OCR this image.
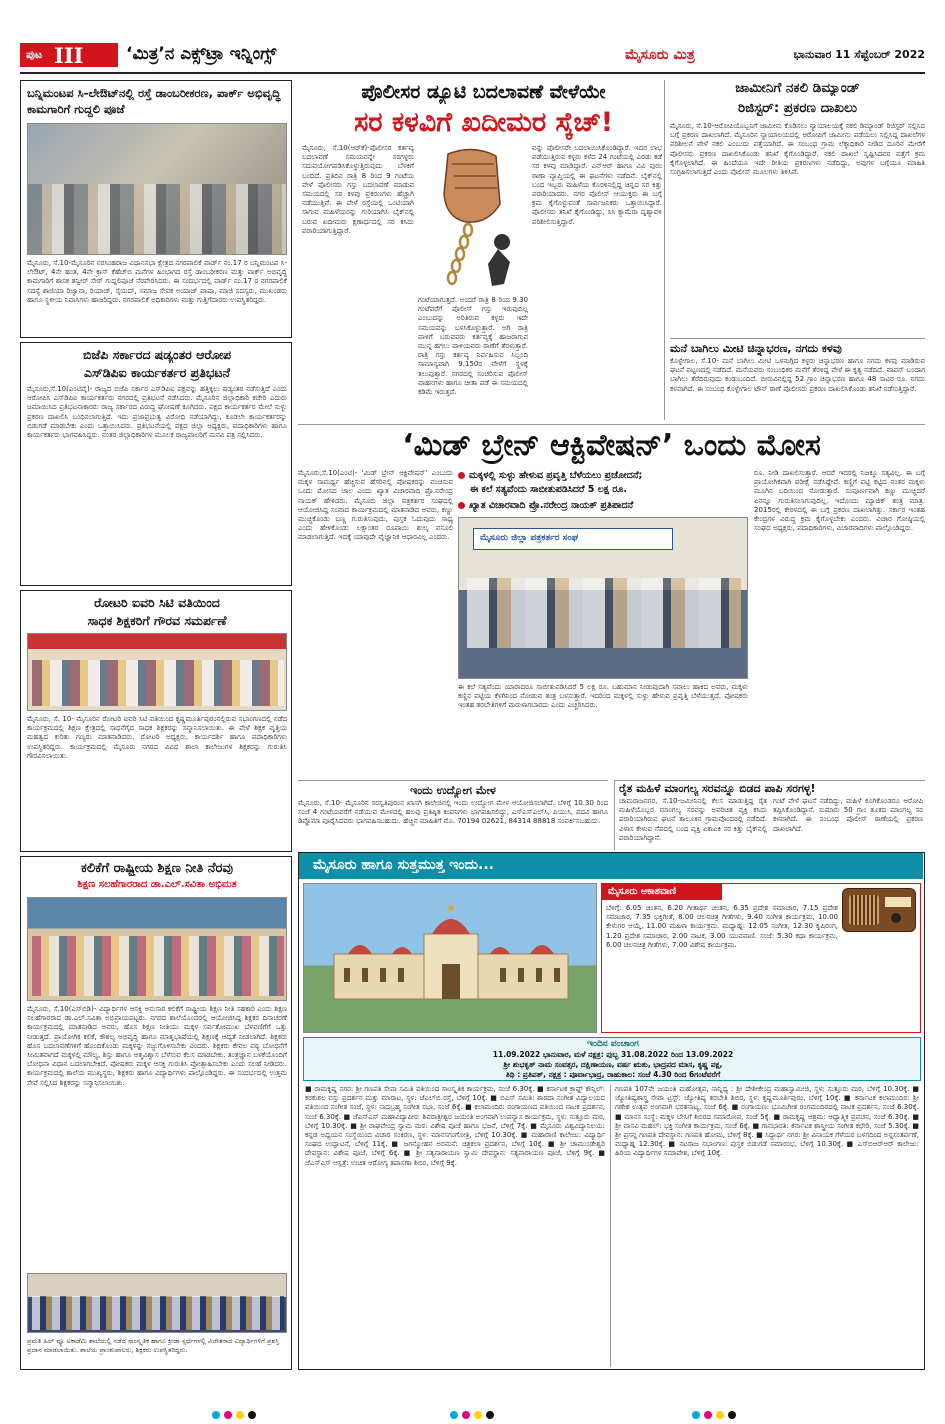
ಪುಟ III	‘ಮಿತ್ರ’ನ ಎಕ್ಸ್‌ಟ್ರಾ ಇನ್ನಿಂಗ್ಸ್	ಮೈಸೂರು ಮಿತ್ರ	ಭಾನುವಾರ 11 ಸೆಪ್ಟೆಂಬರ್ 2022
ಬನ್ನಿಮಂಟಪ ಸಿ-ಲೇಔಟ್‌ನಲ್ಲಿ ರಸ್ತೆ ಡಾಂಬರೀಕರಣ, ಪಾರ್ಕ್ ಅಭಿವೃದ್ಧಿ ಕಾಮಗಾರಿಗೆ ಗುದ್ದಲಿ ಪೂಜೆ
ಮೈಸೂರು, ಸೆ.10-ಮೈಸೂರಿನ ನರಸಿಂಹರಾಜ ವಿಧಾನಸಭಾ ಕ್ಷೇತ್ರದ ನಗರಪಾಲಿಕೆ ವಾರ್ಡ್ ನಂ.17 ರ ಬನ್ನಿಮಂಟಪ ಸಿ-ಲೇಔಟ್, 4ನೇ ಹಂತ, 4ನೇ ಕ್ರಾಸ್ ಕೆಹೆಚ್‌ಬಿ ಮನೆಗಳ ಹಿಂಭಾಗದ ರಸ್ತೆ ಡಾಂಬರೀಕರಣ ಮತ್ತು ಪಾರ್ಕ್ ಅಭಿವೃದ್ಧಿ ಕಾಮಗಾರಿಗೆ ಶಾಸಕ ತನ್ವೀರ್ ಸೇಠ್ ಗುದ್ದಲಿಪೂಜೆ ನೆರವೇರಿಸಿದರು. ಈ ಸಂದರ್ಭದಲ್ಲಿ ವಾರ್ಡ್ ನಂ.17 ರ ನಗರಪಾಲಿಕೆ ಸದಸ್ಯೆ ಶಾಜಿಯಾ ರಿಜ್ವಾನಾ, ರಿಯಾಜ್, ಸೈಯದ್, ಸಮಾಜ ಸೇವಕ ಅಯಾಜ್ ಪಾಷಾ, ಮಾಜಿ ಸದಸ್ಯರು, ಮುಖಂಡರು ಹಾಗೂ ಸ್ಥಳೀಯ ನಿವಾಸಿಗಳು ಹಾಜರಿದ್ದರು. ನಗರಪಾಲಿಕೆ ಅಧಿಕಾರಿಗಳು ಮತ್ತು ಗುತ್ತಿಗೆದಾರರು ಉಪಸ್ಥಿತರಿದ್ದರು.
ಬಿಜೆಪಿ ಸರ್ಕಾರದ ಷಡ್ಯಂತರ ಆರೋಪ
ಎಸ್‌ಡಿಪಿಐ ಕಾರ್ಯಕರ್ತರ ಪ್ರತಿಭಟನೆ
ಮೈಸೂರು,ಸೆ.10(ಎಂಟಿವೈ)- ರಾಜ್ಯದ ಬಿಜೆಪಿ ಸರ್ಕಾರ ಎಸ್‌ಡಿಪಿಐ ಪಕ್ಷವನ್ನು ಹತ್ತಿಕ್ಕಲು ಷಡ್ಯಂತರ ನಡೆಸುತ್ತಿದೆ ಎಂದು ಆರೋಪಿಸಿ ಎಸ್‌ಡಿಪಿಐ ಕಾರ್ಯಕರ್ತರು ನಗರದಲ್ಲಿ ಪ್ರತಿಭಟನೆ ನಡೆಸಿದರು. ಮೈಸೂರಿನ ಜಿಲ್ಲಾಧಿಕಾರಿ ಕಚೇರಿ ಎದುರು ಜಮಾಯಿಸಿದ ಪ್ರತಿಭಟನಾಕಾರರು ರಾಜ್ಯ ಸರ್ಕಾರದ ವಿರುದ್ಧ ಘೋಷಣೆ ಕೂಗಿದರು. ಪಕ್ಷದ ಕಾರ್ಯಕರ್ತರ ಮೇಲೆ ಸುಳ್ಳು ಪ್ರಕರಣ ದಾಖಲಿಸಿ ಬಂಧಿಸಲಾಗುತ್ತಿದೆ. ಇದು ಪ್ರಜಾಪ್ರಭುತ್ವ ವಿರೋಧಿ ನಡೆಯಾಗಿದ್ದು, ಕೂಡಲೇ ಕಾರ್ಯಕರ್ತರನ್ನು ಬಿಡುಗಡೆ ಮಾಡಬೇಕು ಎಂದು ಒತ್ತಾಯಿಸಿದರು. ಪ್ರತಿಭಟನೆಯಲ್ಲಿ ಪಕ್ಷದ ಜಿಲ್ಲಾ ಅಧ್ಯಕ್ಷರು, ಪದಾಧಿಕಾರಿಗಳು ಹಾಗೂ ಕಾರ್ಯಕರ್ತರು ಭಾಗವಹಿಸಿದ್ದರು. ನಂತರ ಜಿಲ್ಲಾಧಿಕಾರಿಗಳ ಮೂಲಕ ರಾಜ್ಯಪಾಲರಿಗೆ ಮನವಿ ಪತ್ರ ಸಲ್ಲಿಸಿದರು.
ರೋಟರಿ ಐವರಿ ಸಿಟಿ ವತಿಯಿಂದ
ಸಾಧಕ ಶಿಕ್ಷಕರಿಗೆ ಗೌರವ ಸಮರ್ಪಣೆ
ಮೈಸೂರು, ಸೆ. 10- ಮೈಸೂರಿನ ರೋಟರಿ ಐವರಿ ಸಿಟಿ ವತಿಯಿಂದ ಕೃಷ್ಣಮೂರ್ತಿಪುರಂನಲ್ಲಿರುವ ಸಭಾಂಗಣದಲ್ಲಿ ನಡೆದ ಕಾರ್ಯಕ್ರಮದಲ್ಲಿ ಶಿಕ್ಷಣ ಕ್ಷೇತ್ರದಲ್ಲಿ ಸಾಧನೆಗೈದ ಸಾಧಕ ಶಿಕ್ಷಕರನ್ನು ಸನ್ಮಾನಿಸಲಾಯಿತು. ಈ ವೇಳೆ ಶಿಕ್ಷಕ ವೃತ್ತಿಯ ಮಹತ್ವದ ಕುರಿತು ಗಣ್ಯರು ಮಾತನಾಡಿದರು. ರೋಟರಿ ಅಧ್ಯಕ್ಷರು, ಕಾರ್ಯದರ್ಶಿ ಹಾಗೂ ಪದಾಧಿಕಾರಿಗಳು ಉಪಸ್ಥಿತರಿದ್ದರು. ಕಾರ್ಯಕ್ರಮದಲ್ಲಿ ಮೈಸೂರು ನಗರದ ವಿವಿಧ ಶಾಲಾ ಕಾಲೇಜುಗಳ ಶಿಕ್ಷಕರನ್ನು ಗುರುತಿಸಿ ಗೌರವಿಸಲಾಯಿತು.
ಕಲಿಕೆಗೆ ರಾಷ್ಟ್ರೀಯ ಶಿಕ್ಷಣ ನೀತಿ ನೆರವು
ಶಿಕ್ಷಣ ಸಲಹೆಗಾರರಾದ ಡಾ.ಎಲ್.ಸವಿತಾ ಅಭಿಮತ
ಮೈಸೂರು, ಸೆ.10(ಎಸ್‌ಬಿಡಿ)- ವಿದ್ಯಾರ್ಥಿಗಳ ಆಸಕ್ತಿ ಅನುಸಾರ ಕಲಿಕೆಗೆ ರಾಷ್ಟ್ರೀಯ ಶಿಕ್ಷಣ ನೀತಿ ಸಹಕಾರಿ ಎಂದು ಶಿಕ್ಷಣ ಸಲಹೆಗಾರರಾದ ಡಾ.ಎಲ್.ಸವಿತಾ ಅಭಿಪ್ರಾಯಪಟ್ಟರು. ನಗರದ ಶಾಲೆಯೊಂದರಲ್ಲಿ ಆಯೋಜಿಸಿದ್ದ ಶಿಕ್ಷಕರ ದಿನಾಚರಣೆ ಕಾರ್ಯಕ್ರಮದಲ್ಲಿ ಮಾತನಾಡಿದ ಅವರು, ಹೊಸ ಶಿಕ್ಷಣ ನೀತಿಯು ಮಕ್ಕಳ ಸರ್ವತೋಮುಖ ಬೆಳವಣಿಗೆಗೆ ಒತ್ತು ನೀಡುತ್ತದೆ. ಪ್ರಾಯೋಗಿಕ ಕಲಿಕೆ, ಕೌಶಲ್ಯ ಅಭಿವೃದ್ಧಿ ಹಾಗೂ ಮಾತೃಭಾಷೆಯಲ್ಲಿ ಶಿಕ್ಷಣಕ್ಕೆ ಆದ್ಯತೆ ನೀಡಲಾಗಿದೆ. ಶಿಕ್ಷಕರು ಹೊಸ ಬದಲಾವಣೆಗಳಿಗೆ ಹೊಂದಿಕೊಂಡು ಮಕ್ಕಳನ್ನು ಸಜ್ಜುಗೊಳಿಸಬೇಕು ಎಂದರು. ಶಿಕ್ಷಕರು ಕೇವಲ ಪಠ್ಯ ಬೋಧನೆಗೆ ಸೀಮಿತವಾಗದೆ ಮಕ್ಕಳಲ್ಲಿ ಮೌಲ್ಯ, ಶಿಸ್ತು ಹಾಗೂ ಆತ್ಮವಿಶ್ವಾಸ ಬೆಳೆಸುವ ಕೆಲಸ ಮಾಡಬೇಕು. ತಂತ್ರಜ್ಞಾನ ಬಳಕೆಯೊಂದಿಗೆ ಬೋಧನಾ ವಿಧಾನ ಬದಲಾಗಬೇಕಿದೆ. ಪೋಷಕರು ಮಕ್ಕಳ ಆಸಕ್ತಿ ಗುರುತಿಸಿ ಪ್ರೋತ್ಸಾಹಿಸಬೇಕು ಎಂದು ಸಲಹೆ ನೀಡಿದರು. ಕಾರ್ಯಕ್ರಮದಲ್ಲಿ ಶಾಲೆಯ ಮುಖ್ಯಸ್ಥರು, ಶಿಕ್ಷಕರು ಹಾಗೂ ವಿದ್ಯಾರ್ಥಿಗಳು ಪಾಲ್ಗೊಂಡಿದ್ದರು. ಈ ಸಂದರ್ಭದಲ್ಲಿ ಉತ್ತಮ ಸೇವೆ ಸಲ್ಲಿಸಿದ ಶಿಕ್ಷಕರನ್ನು ಸನ್ಮಾನಿಸಲಾಯಿತು.
ಪ್ರಮತಿ ಹಿಲ್ ವ್ಯೂ ಅಕಾಡೆಮಿ ಶಾಲೆಯಲ್ಲಿ ನಡೆದ ಸಾಂಸ್ಕೃತಿಕ ಹಾಗೂ ಕ್ರೀಡಾ ಸ್ಪರ್ಧೆಗಳಲ್ಲಿ ವಿಜೇತರಾದ ವಿದ್ಯಾರ್ಥಿಗಳಿಗೆ ಪ್ರಶಸ್ತಿ ಪ್ರದಾನ ಮಾಡಲಾಯಿತು. ಶಾಲೆಯ ಪ್ರಾಂಶುಪಾಲರು, ಶಿಕ್ಷಕರು ಉಪಸ್ಥಿತರಿದ್ದರು.
ಪೊಲೀಸರ ಡ್ಯೂಟಿ ಬದಲಾವಣೆ ವೇಳೆಯೇ
ಸರ ಕಳವಿಗೆ ಖದೀಮರ ಸ್ಕೆಚ್!
ಮೈಸೂರು, ಸೆ.10(ಆರ್‌ಕೆ)-ಪೊಲೀಸರ ಕರ್ತವ್ಯ ಬದಲಾವಣೆ ಸಮಯವನ್ನೇ ಸರಗಳ್ಳರು ಸದುಪಯೋಗಪಡಿಸಿಕೊಳ್ಳುತ್ತಿರುವುದು ಬೆಳಕಿಗೆ ಬಂದಿದೆ. ಪ್ರತಿದಿನ ರಾತ್ರಿ 8 ರಿಂದ 9 ಗಂಟೆಯ ವೇಳೆ ಪೊಲೀಸರು ಗಸ್ತು ಬದಲಾವಣೆ ಮಾಡುವ ಸಮಯದಲ್ಲಿ ಸರ ಕಳವು ಪ್ರಕರಣಗಳು ಹೆಚ್ಚಾಗಿ ನಡೆಯುತ್ತಿವೆ. ಈ ವೇಳೆ ರಸ್ತೆಯಲ್ಲಿ ಒಂಟಿಯಾಗಿ ಸಾಗುವ ಮಹಿಳೆಯರನ್ನು ಗುರಿಯಾಗಿಸಿ ಬೈಕ್‌ನಲ್ಲಿ ಬರುವ ಖದೀಮರು ಕ್ಷಣಾರ್ಧದಲ್ಲಿ ಸರ ಕಸಿದು ಪರಾರಿಯಾಗುತ್ತಿದ್ದಾರೆ.
ಗಂಟೆಯಾಗುತ್ತದೆ. ಅಂದರೆ ರಾತ್ರಿ 8 ರಿಂದ 9.30 ಗಂಟೆವರೆಗೆ ಪೊಲೀಸ್ ಗಸ್ತು ಇರುವುದಿಲ್ಲ ಎಂಬುದನ್ನು ಅರಿತಿರುವ ಕಳ್ಳರು ಇದೇ ಸಮಯವನ್ನು ಬಳಸಿಕೊಳ್ಳುತ್ತಾರೆ. ಅಗಿ ರಾತ್ರಿ ಪಾಳಿಗೆ ಬರುವವರು ಕರ್ತವ್ಯಕ್ಕೆ ಹಾಜರಾಗುವ ಮುನ್ನ ಹಗಲು ಪಾಳಿಯವರು ಠಾಣೆಗೆ ತೆರಳುತ್ತಾರೆ. ರಾತ್ರಿ ಗಸ್ತು ಕರ್ತವ್ಯ ನಿರ್ವಹಿಸುವ ಸಿಬ್ಬಂದಿ ಸಾಮಾನ್ಯವಾಗಿ 9.150ರ ವೇಳೆಗೆ ಸ್ಥಳಕ್ಕೆ ತಲುಪುತ್ತಾರೆ. ನಗರದಲ್ಲಿ ಸಂಚರಿಸುವ ಪೊಲೀಸ್ ವಾಹನಗಳು ಹಾಗೂ ಚೀತಾ ಪಡೆ ಈ ಸಮಯದಲ್ಲಿ ಕಡಿಮೆ ಇರುತ್ತದೆ.
ವನ್ನು ಪೊಲೀಸರೇ ಬದಲಾಯಿಸಿಕೊಂಡಿದ್ದಾರೆ. ಇದರ ಲಾಭ ಪಡೆಯುತ್ತಿರುವ ಕಳ್ಳರು ಕಳೆದ 24 ಗಂಟೆಯಲ್ಲಿ ಎರಡು ಕಡೆ ಸರ ಕಳವು ಮಾಡಿದ್ದಾರೆ. ಎನ್‌ಆರ್ ಹಾಗೂ ವಿವಿ ಪುರಂ ಠಾಣಾ ವ್ಯಾಪ್ತಿಯಲ್ಲಿ ಈ ಘಟನೆಗಳು ನಡೆದಿವೆ. ಬೈಕ್‌ನಲ್ಲಿ ಬಂದ ಇಬ್ಬರು ಮಹಿಳೆಯ ಕೊರಳಿನಲ್ಲಿದ್ದ ಚಿನ್ನದ ಸರ ಕಿತ್ತು ಪರಾರಿಯಾದರು. ನಗರ ಪೊಲೀಸ್ ಆಯುಕ್ತರು ಈ ಬಗ್ಗೆ ಕ್ರಮ ಕೈಗೊಳ್ಳುವಂತೆ ಸಾರ್ವಜನಿಕರು ಒತ್ತಾಯಿಸಿದ್ದಾರೆ. ಪೊಲೀಸರು ತನಿಖೆ ಕೈಗೊಂಡಿದ್ದು, ಸಿಸಿ ಕ್ಯಾಮೆರಾ ದೃಶ್ಯಾವಳಿ ಪರಿಶೀಲಿಸುತ್ತಿದ್ದಾರೆ.
ಜಾಮೀನಿಗೆ ನಕಲಿ ಡಿಮ್ಯಾಂಡ್
ರಿಜಿಸ್ಟರ್: ಪ್ರಕರಣ ದಾಖಲು
ಮೈಸೂರು, ಸೆ.10-ಆರೋಪಿಯೊಬ್ಬನಿಗೆ ಜಾಮೀನು ಕೊಡಿಸಲು ನ್ಯಾಯಾಲಯಕ್ಕೆ ನಕಲಿ ಡಿಮ್ಯಾಂಡ್ ರಿಜಿಸ್ಟರ್ ಸಲ್ಲಿಸಿದ ಬಗ್ಗೆ ಪ್ರಕರಣ ದಾಖಲಾಗಿದೆ. ಮೈಸೂರಿನ ನ್ಯಾಯಾಲಯದಲ್ಲಿ ಆರೋಪಿಗೆ ಜಾಮೀನು ಪಡೆಯಲು ಸಲ್ಲಿಸಿದ್ದ ದಾಖಲೆಗಳ ಪರಿಶೀಲನೆ ವೇಳೆ ನಕಲಿ ಎಂಬುದು ಪತ್ತೆಯಾಗಿದೆ. ಈ ಸಂಬಂಧ ಗ್ರಾಮ ಲೆಕ್ಕಾಧಿಕಾರಿ ನೀಡಿದ ದೂರಿನ ಮೇರೆಗೆ ಪೊಲೀಸರು ಪ್ರಕರಣ ದಾಖಲಿಸಿಕೊಂಡು ತನಿಖೆ ಕೈಗೊಂಡಿದ್ದಾರೆ. ನಕಲಿ ದಾಖಲೆ ಸೃಷ್ಟಿಸಿದವರ ಪತ್ತೆಗೆ ಕ್ರಮ ಕೈಗೊಳ್ಳಲಾಗಿದೆ. ಈ ಹಿಂದೆಯೂ ಇದೇ ರೀತಿಯ ಪ್ರಕರಣಗಳು ನಡೆದಿದ್ದು, ಅವುಗಳ ಬಗ್ಗೆಯೂ ಮಾಹಿತಿ ಸಂಗ್ರಹಿಸಲಾಗುತ್ತಿದೆ ಎಂದು ಪೊಲೀಸ್ ಮೂಲಗಳು ತಿಳಿಸಿವೆ.
ಮನೆ ಬಾಗಿಲು ಮೀಟಿ ಚಿನ್ನಾಭರಣ, ನಗದು ಕಳವು
ಕೊಳ್ಳೇಗಾಲ, ಸೆ.10- ಮನೆ ಬಾಗಿಲು ಮೀಟಿ ಒಳನುಗ್ಗಿದ ಕಳ್ಳರು ಚಿನ್ನಾಭರಣ ಹಾಗೂ ನಗದು ಕಳವು ಮಾಡಿರುವ ಘಟನೆ ಪಟ್ಟಣದಲ್ಲಿ ನಡೆದಿದೆ. ಮನೆಯವರು ಸಂಬಂಧಿಕರ ಮನೆಗೆ ತೆರಳಿದ್ದ ವೇಳೆ ಈ ಕೃತ್ಯ ನಡೆದಿದೆ. ವಾಪಸ್ ಬಂದಾಗ ಬಾಗಿಲು ತೆರೆದಿರುವುದು ಕಂಡುಬಂದಿದೆ. ಬೀರುವಿನಲ್ಲಿದ್ದ 52 ಗ್ರಾಂ ಚಿನ್ನಾಭರಣ ಹಾಗೂ 48 ಸಾವಿರ ರೂ. ನಗದು ಕಳವಾಗಿದೆ. ಈ ಸಂಬಂಧ ಕೊಳ್ಳೇಗಾಲ ಟೌನ್ ಠಾಣೆ ಪೊಲೀಸರು ಪ್ರಕರಣ ದಾಖಲಿಸಿಕೊಂಡು ತನಿಖೆ ನಡೆಸುತ್ತಿದ್ದಾರೆ.
‘ಮಿಡ್ ಬ್ರೇನ್ ಆಕ್ಟಿವೇಷನ್’ ಒಂದು ಮೋಸ
ಮಕ್ಕಳಲ್ಲಿ ಸುಳ್ಳು ಹೇಳುವ ಪ್ರವೃತ್ತಿ ಬೆಳೆಯಲು ಪ್ರಚೋದನೆ;
ಈ ಕಲೆ ಸತ್ಯವೆಂದು ಸಾಬೀತುಪಡಿಸಿದರೆ 5 ಲಕ್ಷ ರೂ.
ಖ್ಯಾತ ವಿಚಾರವಾದಿ ಪ್ರೊ.ನರೇಂದ್ರ ನಾಯಕ್ ಪ್ರತಿಪಾದನೆ
ಮೈಸೂರು,ಸೆ.10(ಎಂಟಿ)- ‘ಮಿಡ್ ಬ್ರೇನ್ ಆಕ್ಟಿವೇಷನ್’ ಎಂಬುದು ಮಕ್ಕಳ ಸಾಮರ್ಥ್ಯ ಹೆಚ್ಚಿಸುವ ಹೆಸರಿನಲ್ಲಿ ಪೋಷಕರನ್ನು ವಂಚಿಸುವ ಒಂದು ಮೋಸದ ಜಾಲ ಎಂದು ಖ್ಯಾತ ವಿಚಾರವಾದಿ ಪ್ರೊ.ನರೇಂದ್ರ ನಾಯಕ್ ಹೇಳಿದರು. ಮೈಸೂರು ಜಿಲ್ಲಾ ಪತ್ರಕರ್ತರ ಸಂಘದಲ್ಲಿ ಆಯೋಜಿಸಿದ್ದ ಸಂವಾದ ಕಾರ್ಯಕ್ರಮದಲ್ಲಿ ಮಾತನಾಡಿದ ಅವರು, ಕಣ್ಣು ಮುಚ್ಚಿಕೊಂಡು ಬಣ್ಣ ಗುರುತಿಸುವುದು, ಪುಸ್ತಕ ಓದುವುದು ಸಾಧ್ಯ ಎಂದು ಹೇಳಿಕೊಂಡು ಲಕ್ಷಾಂತರ ರೂಪಾಯಿ ಶುಲ್ಕ ವಸೂಲಿ ಮಾಡಲಾಗುತ್ತಿದೆ. ಇದಕ್ಕೆ ಯಾವುದೇ ವೈಜ್ಞಾನಿಕ ಆಧಾರವಿಲ್ಲ ಎಂದರು.	ಮೈಸೂರು ಜಿಲ್ಲಾ ಪತ್ರಕರ್ತರ ಸಂಘ
ಈ ಕಲೆ ಸತ್ಯವೆಂದು ಯಾರಾದರೂ ಸಾಬೀತುಪಡಿಸಿದರೆ 5 ಲಕ್ಷ ರೂ. ಬಹುಮಾನ ನೀಡುವುದಾಗಿ ಸವಾಲು ಹಾಕಿದ ಅವರು, ಮಕ್ಕಳು ಕಣ್ಣಿನ ಪಟ್ಟಿಯ ಕೆಳಗಿನಿಂದ ನೋಡುವ ತಂತ್ರ ಬಳಸುತ್ತಾರೆ. ಇದರಿಂದ ಮಕ್ಕಳಲ್ಲಿ ಸುಳ್ಳು ಹೇಳುವ ಪ್ರವೃತ್ತಿ ಬೆಳೆಯುತ್ತದೆ. ಪೋಷಕರು ಇಂತಹ ತರಬೇತಿಗಳಿಗೆ ಮರುಳಾಗಬಾರದು ಎಂದು ಎಚ್ಚರಿಸಿದರು.
ರೂ. ನೀಡಿ ದಾಖಲಿಸುತ್ತಾರೆ. ಆದರೆ ಇದರಲ್ಲಿ ನಿಜಕ್ಕೂ ಸತ್ಯವಿಲ್ಲ. ಈ ಬಗ್ಗೆ ಪ್ರಾಯೋಗಿಕವಾಗಿ ಪರೀಕ್ಷೆ ನಡೆಸಿದ್ದೇವೆ. ಕಣ್ಣಿಗೆ ಪಟ್ಟಿ ಕಟ್ಟಿದ ನಂತರ ಮಕ್ಕಳು ಮೂಗಿನ ಬದಿಯಿಂದ ನೋಡುತ್ತಾರೆ. ಸಂಪೂರ್ಣವಾಗಿ ಕಣ್ಣು ಮುಚ್ಚಿದರೆ ಏನನ್ನೂ ಗುರುತಿಸಲಾಗುವುದಿಲ್ಲ. ಇದೊಂದು ಮ್ಯಾಜಿಕ್ ತಂತ್ರ ಮಾತ್ರ. 2015ರಲ್ಲಿ ಕೇರಳದಲ್ಲಿ ಈ ಬಗ್ಗೆ ಪ್ರಕರಣ ದಾಖಲಾಗಿತ್ತು. ಸರ್ಕಾರ ಇಂತಹ ಕೇಂದ್ರಗಳ ವಿರುದ್ಧ ಕ್ರಮ ಕೈಗೊಳ್ಳಬೇಕು ಎಂದರು. ವಿಚಾರ ಗೋಷ್ಠಿಯಲ್ಲಿ ಸಂಘದ ಅಧ್ಯಕ್ಷರು, ಪದಾಧಿಕಾರಿಗಳು, ವಿಚಾರವಾದಿಗಳು ಪಾಲ್ಗೊಂಡಿದ್ದರು.
ಇಂದು ಉದ್ಯೋಗ ಮೇಳ
ಮೈಸೂರು, ಸೆ.10- ಮೈಸೂರಿನ ಸರಸ್ವತಿಪುರಂನ ಖಾಸಗಿ ಕಾಲೇಜಿನಲ್ಲಿ ಇಂದು ಉದ್ಯೋಗ ಮೇಳ ಆಯೋಜಿಸಲಾಗಿದೆ. ಬೆಳಿಗ್ಗೆ 10.30 ರಿಂದ ಸಂಜೆ 4 ಗಂಟೆಯವರೆಗೆ ನಡೆಯುವ ಮೇಳದಲ್ಲಿ ಹಲವು ಪ್ರತಿಷ್ಠಿತ ಕಂಪನಿಗಳು ಭಾಗವಹಿಸಲಿದ್ದು, ಎಸ್‌ಎಸ್‌ಎಲ್‌ಸಿ, ಪಿಯುಸಿ, ಪದವಿ ಹಾಗೂ ಡಿಪ್ಲೊಮಾ ಪೂರೈಸಿದವರು ಭಾಗವಹಿಸಬಹುದು. ಹೆಚ್ಚಿನ ಮಾಹಿತಿಗೆ ಮೊ. 70194 02621, 84314 88818 ಸಂಪರ್ಕಿಸಬಹುದು.
ರೈತ ಮಹಿಳೆ ಮಾಂಗಲ್ಯ ಸರವನ್ನೂ ಬಿಡದ ಪಾಪಿ ಸರಗಳ್ಳ!
ಚಾಮರಾಜನಗರ, ಸೆ.10-ಜಮೀನಿನಲ್ಲಿ ಕೆಲಸ ಮಾಡುತ್ತಿದ್ದ ರೈತ ಮಹಿಳೆಯೊಬ್ಬರ ಮಾಂಗಲ್ಯ ಸರವನ್ನು ಅಪರಿಚಿತ ವ್ಯಕ್ತಿ ಕಸಿದು ಪರಾರಿಯಾಗಿರುವ ಘಟನೆ ತಾಲೂಕಿನ ಗ್ರಾಮವೊಂದರಲ್ಲಿ ನಡೆದಿದೆ. ವಿಳಾಸ ಕೇಳುವ ನೆಪದಲ್ಲಿ ಬಂದ ವ್ಯಕ್ತಿ ಏಕಾಏಕಿ ಸರ ಕಿತ್ತು ಬೈಕ್‌ನಲ್ಲಿ ಪರಾರಿಯಾಗಿದ್ದಾನೆ.
ಗಂಟೆ ವೇಳೆ ಘಟನೆ ನಡೆದಿದ್ದು, ಮಹಿಳೆ ಕೂಗಿಕೊಂಡರೂ ಆರೋಪಿ ತಪ್ಪಿಸಿಕೊಂಡಿದ್ದಾನೆ. ಸುಮಾರು 50 ಗ್ರಾಂ ತೂಕದ ಮಾಂಗಲ್ಯ ಸರ ಕಳವಾಗಿದೆ. ಈ ಸಂಬಂಧ ಪೊಲೀಸ್ ಠಾಣೆಯಲ್ಲಿ ಪ್ರಕರಣ ದಾಖಲಾಗಿದೆ.
ಮೈಸೂರು ಹಾಗೂ ಸುತ್ತಮುತ್ತ ಇಂದು...
ಮೈಸೂರು ಆಕಾಶವಾಣಿ
ಬೆಳಿಗ್ಗೆ: 6.05 ಚಿಂತನ, 6.20 ಗೀತಾರ್ಥ ಚಿಂತನ, 6.35 ಪ್ರದೇಶ ಸಮಾಚಾರ, 7.15 ಪ್ರದೇಶ ಸಮಾಚಾರ, 7.35 ಭಕ್ತಿಗೀತೆ, 8.00 ಚಲನಚಿತ್ರ ಗೀತೆಗಳು, 9.40 ಸಂಗೀತ ಕಾರ್ಯಕ್ರಮ, 10.00 ಕೇಳುಗರ ಆಯ್ಕೆ, 11.00 ಮಹಿಳಾ ಕಾರ್ಯಕ್ರಮ. ಮಧ್ಯಾಹ್ನ: 12.05 ಸಂಗೀತ, 12.30 ಕೃಷಿರಂಗ, 1.20 ಪ್ರದೇಶ ಸಮಾಚಾರ, 2.00 ನಾಟಕ, 3.00 ಯುವವಾಣಿ. ಸಂಜೆ: 5.30 ಕಥಾ ಕಾರ್ಯಕ್ರಮ, 6.00 ಚಲನಚಿತ್ರ ಗೀತೆಗಳು, 7.00 ವಿಶೇಷ ಕಾರ್ಯಕ್ರಮ.
ಇಂದಿನ ಪಂಚಾಂಗ
11.09.2022 ಭಾನುವಾರ, ಮಳೆ ನಕ್ಷತ್ರ: ಪುಬ್ಬ 31.08.2022 ರಿಂದ 13.09.2022
ಶ್ರೀ ಶುಭಕೃತ್ ನಾಮ ಸಂವತ್ಸರ, ದಕ್ಷಿಣಾಯಣ, ವರ್ಷ ಋತು, ಭಾದ್ರಪದ ಮಾಸ, ಕೃಷ್ಣ ಪಕ್ಷ,
ತಿಥಿ : ಪ್ರತಿಪತ್, ನಕ್ಷತ್ರ : ಪೂರ್ವಾಭಾದ್ರ, ರಾಹುಕಾಲ: ಸಂಜೆ 4.30 ರಿಂದ 6ಗಂಟೆವರೆಗೆ
■ ರಾಮಕೃಷ್ಣ ನಗರ: ಶ್ರೀ ಗಣಪತಿ ಸೇವಾ ಸಮಿತಿ ವತಿಯಿಂದ ಸಾಂಸ್ಕೃತಿಕ ಕಾರ್ಯಕ್ರಮ, ಸಂಜೆ 6.30ಕ್ಕೆ. ■ ಕರ್ನಾಟಕ ಕ್ರಾಫ್ಟ್ ಕೌನ್ಸಿಲ್: ಕರಕುಶಲ ವಸ್ತು ಪ್ರದರ್ಶನ ಮತ್ತು ಮಾರಾಟ, ಸ್ಥಳ: ಜೆಎಲ್‌ಬಿ ರಸ್ತೆ, ಬೆಳಿಗ್ಗೆ 10ಕ್ಕೆ. ■ ಬಿಎಸ್ ಸಮಿತಿ: ಶಾರದಾ ಸಂಗೀತ ವಿದ್ಯಾಲಯದ ವತಿಯಿಂದ ಸಂಗೀತ ಸಂಜೆ, ಸ್ಥಳ: ನಾದಬ್ರಹ್ಮ ಸಂಗೀತ ಸಭಾ, ಸಂಜೆ 6ಕ್ಕೆ. ■ ಕಲಾಮಂದಿರ: ರಂಗಾಯಣದ ವತಿಯಿಂದ ನಾಟಕ ಪ್ರದರ್ಶನ, ಸಂಜೆ 6.30ಕ್ಕೆ. ■ ಜೆಎಸ್‌ಎಸ್ ಮಹಾವಿದ್ಯಾಪೀಠ: ಶಿವರಾತ್ರೀಶ್ವರ ಜಯಂತಿ ಅಂಗವಾಗಿ ಉಪನ್ಯಾಸ ಕಾರ್ಯಕ್ರಮ, ಸ್ಥಳ: ಸುತ್ತೂರು ಮಠ, ಬೆಳಿಗ್ಗೆ 10.30ಕ್ಕೆ. ■ ಶ್ರೀ ರಾಘವೇಂದ್ರ ಸ್ವಾಮಿ ಮಠ: ವಿಶೇಷ ಪೂಜೆ ಹಾಗೂ ಭಜನೆ, ಬೆಳಿಗ್ಗೆ 7ಕ್ಕೆ. ■ ಮೈಸೂರು ವಿಶ್ವವಿದ್ಯಾನಿಲಯ: ಕನ್ನಡ ಅಧ್ಯಯನ ಸಂಸ್ಥೆಯಿಂದ ವಿಚಾರ ಸಂಕಿರಣ, ಸ್ಥಳ: ಮಾನಸಗಂಗೋತ್ರಿ, ಬೆಳಿಗ್ಗೆ 10.30ಕ್ಕೆ. ■ ಮಹಾರಾಣಿ ಕಾಲೇಜು: ವಿದ್ಯಾರ್ಥಿ ಸಂಘದ ಉದ್ಘಾಟನೆ, ಬೆಳಿಗ್ಗೆ 11ಕ್ಕೆ. ■ ಜಗನ್ಮೋಹನ ಅರಮನೆ: ಚಿತ್ರಕಲಾ ಪ್ರದರ್ಶನ, ಬೆಳಿಗ್ಗೆ 10ಕ್ಕೆ. ■ ಶ್ರೀ ಚಾಮುಂಡೇಶ್ವರಿ ದೇವಸ್ಥಾನ: ವಿಶೇಷ ಪೂಜೆ, ಬೆಳಿಗ್ಗೆ 6ಕ್ಕೆ. ■ ಶ್ರೀ ಸತ್ಯನಾರಾಯಣ ಸ್ವಾಮಿ ದೇವಸ್ಥಾನ: ಸತ್ಯನಾರಾಯಣ ಪೂಜೆ, ಬೆಳಿಗ್ಗೆ 9ಕ್ಕೆ. ■ ಜೆಎಸ್‌ಎಸ್ ಆಸ್ಪತ್ರೆ: ಉಚಿತ ಆರೋಗ್ಯ ತಪಾಸಣಾ ಶಿಬಿರ, ಬೆಳಿಗ್ಗೆ 9ಕ್ಕೆ.
ಗಣಪತಿ 107ನೇ ಜಯಂತಿ ಮಹೋತ್ಸವ, ಸಾನ್ನಿಧ್ಯ : ಶ್ರೀ ದೇಶೀಕೇಂದ್ರ ಮಹಾಸ್ವಾಮೀಜಿ, ಸ್ಥಳ: ಸುತ್ತೂರು ಮಠ, ಬೆಳಿಗ್ಗೆ 10.30ಕ್ಕೆ. ■ ಜ್ಯೋತಿಷ್ಯಶಾಸ್ತ್ರ ಸೇವಾ ಟ್ರಸ್ಟ್: ಜ್ಯೋತಿಷ್ಯ ತರಬೇತಿ ಶಿಬಿರ, ಸ್ಥಳ: ಕೃಷ್ಣಮೂರ್ತಿಪುರಂ, ಬೆಳಿಗ್ಗೆ 10ಕ್ಕೆ. ■ ಕರ್ನಾಟಕ ಕಲಾಮಂದಿರ: ಶ್ರೀ ಗಣೇಶ ಉತ್ಸವ ಅಂಗವಾಗಿ ಭರತನಾಟ್ಯ, ಸಂಜೆ 6ಕ್ಕೆ. ■ ರಂಗಾಯಣ: ಭೂಮಿಗೀತ ರಂಗಮಂದಿರದಲ್ಲಿ ನಾಟಕ ಪ್ರದರ್ಶನ, ಸಂಜೆ 6.30ಕ್ಕೆ. ■ ಮಾನಸ ಸಂಸ್ಥೆ: ಮಕ್ಕಳ ಬೇಸಿಗೆ ಶಿಬಿರದ ಸಮಾರೋಪ, ಸಂಜೆ 5ಕ್ಕೆ. ■ ರಾಮಕೃಷ್ಣ ಆಶ್ರಮ: ಆಧ್ಯಾತ್ಮಿಕ ಪ್ರವಚನ, ಸಂಜೆ 6.30ಕ್ಕೆ. ■ ಶ್ರೀ ವಾಸವಿ ಮಹಲ್: ಭಕ್ತಿ ಸಂಗೀತ ಕಾರ್ಯಕ್ರಮ, ಸಂಜೆ 6ಕ್ಕೆ. ■ ಗಾನಭಾರತಿ: ಕರ್ನಾಟಕ ಶಾಸ್ತ್ರೀಯ ಸಂಗೀತ ಕಛೇರಿ, ಸಂಜೆ 5.30ಕ್ಕೆ. ■ ಶ್ರೀ ಪ್ರಸನ್ನ ಗಣಪತಿ ದೇವಸ್ಥಾನ: ಗಣಪತಿ ಹೋಮ, ಬೆಳಿಗ್ಗೆ 8ಕ್ಕೆ. ■ ಸಿದ್ಧಾರ್ಥ ನಗರ: ಶ್ರೀ ವಿನಾಯಕ ಗೆಳೆಯರ ಬಳಗದಿಂದ ಅನ್ನಸಂತರ್ಪಣೆ, ಮಧ್ಯಾಹ್ನ 12.30ಕ್ಕೆ. ■ ನಟರಾಜ ಸಭಾಂಗಣ: ಪುಸ್ತಕ ಬಿಡುಗಡೆ ಸಮಾರಂಭ, ಬೆಳಿಗ್ಗೆ 10.30ಕ್ಕೆ. ■ ಎಸ್‌ಬಿಆರ್‌ಆರ್ ಕಾಲೇಜು: ಹಿರಿಯ ವಿದ್ಯಾರ್ಥಿಗಳ ಸಮಾವೇಶ, ಬೆಳಿಗ್ಗೆ 10ಕ್ಕೆ.
